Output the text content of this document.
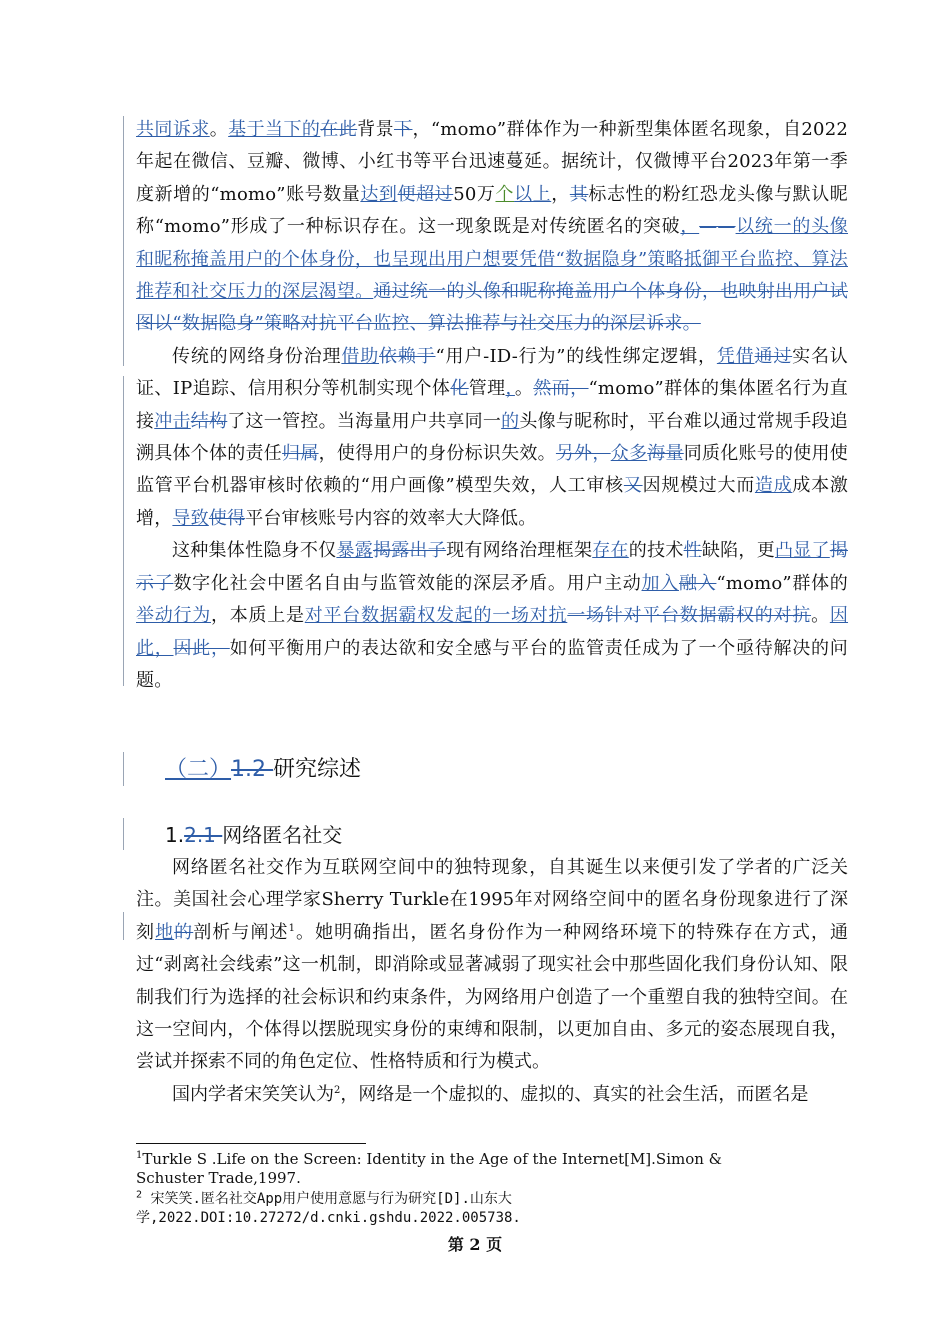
共同诉求。基于当下的在此背景下，“momo”群体作为一种新型集体匿名现象，自2022年起在微信、豆瓣、微博、小红书等平台迅速蔓延。据统计，仅微博平台2023年第一季度新增的“momo”账号数量达到便超过50万个以上，其标志性的粉红恐龙头像与默认昵称“momo”形成了一种标识存在。这一现象既是对传统匿名的突破，——以统一的头像和昵称掩盖用户的个体身份，也呈现出用户想要凭借“数据隐身”策略抵御平台监控、算法推荐和社交压力的深层渴望。通过统一的头像和昵称掩盖用户个体身份，也映射出用户试图以“数据隐身”策略对抗平台监控、算法推荐与社交压力的深层诉求。

传统的网络身份治理借助依赖于“用户-ID-行为”的线性绑定逻辑，凭借通过实名认证、IP追踪、信用积分等机制实现个体化管理，。然而，“momo”群体的集体匿名行为直接冲击结构了这一管控。当海量用户共享同一的头像与昵称时，平台难以通过常规手段追溯具体个体的责任归属，使得用户的身份标识失效。另外，众多海量同质化账号的使用使监管平台机器审核时依赖的“用户画像”模型失效，人工审核又因规模过大而造成成本激增，导致使得平台审核账号内容的效率大大降低。

这种集体性隐身不仅暴露揭露出子现有网络治理框架存在的技术性缺陷，更凸显了揭示了数字化社会中匿名自由与监管效能的深层矛盾。用户主动加入融入“momo”群体的举动行为，本质上是对平台数据霸权发起的一场对抗一场针对平台数据霸权的对抗。因此，因此，如何平衡用户的表达欲和安全感与平台的监管责任成为了一个亟待解决的问题。

（二）1.2 研究综述
1.2.1 网络匿名社交

网络匿名社交作为互联网空间中的独特现象，自其诞生以来便引发了学者的广泛关注。美国社会心理学家Sherry Turkle在1995年对网络空间中的匿名身份现象进行了深刻地的剖析与阐述$^1$。她明确指出，匿名身份作为一种网络环境下的特殊存在方式，通过“剥离社会线索”这一机制，即消除或显著减弱了现实社会中那些固化我们身份认知、限制我们行为选择的社会标识和约束条件，为网络用户创造了一个重塑自我的独特空间。在这一空间内，个体得以摆脱现实身份的束缚和限制，以更加自由、多元的姿态展现自我，尝试并探索不同的角色定位、性格特质和行为模式。

国内学者宋笑笑认为$^2$，网络是一个虚拟的、虚拟的、真实的社会生活，而匿名是

$^1$Turkle S .Life on the Screen: Identity in the Age of the Internet[M].Simon & Schuster Trade,1997.

$^2$ 宋笑笑.匿名社交App用户使用意愿与行为研究[D].山东大学,2022.DOI:10.27272/d.cnki.gshdu.2022.005738.

第 2 页
